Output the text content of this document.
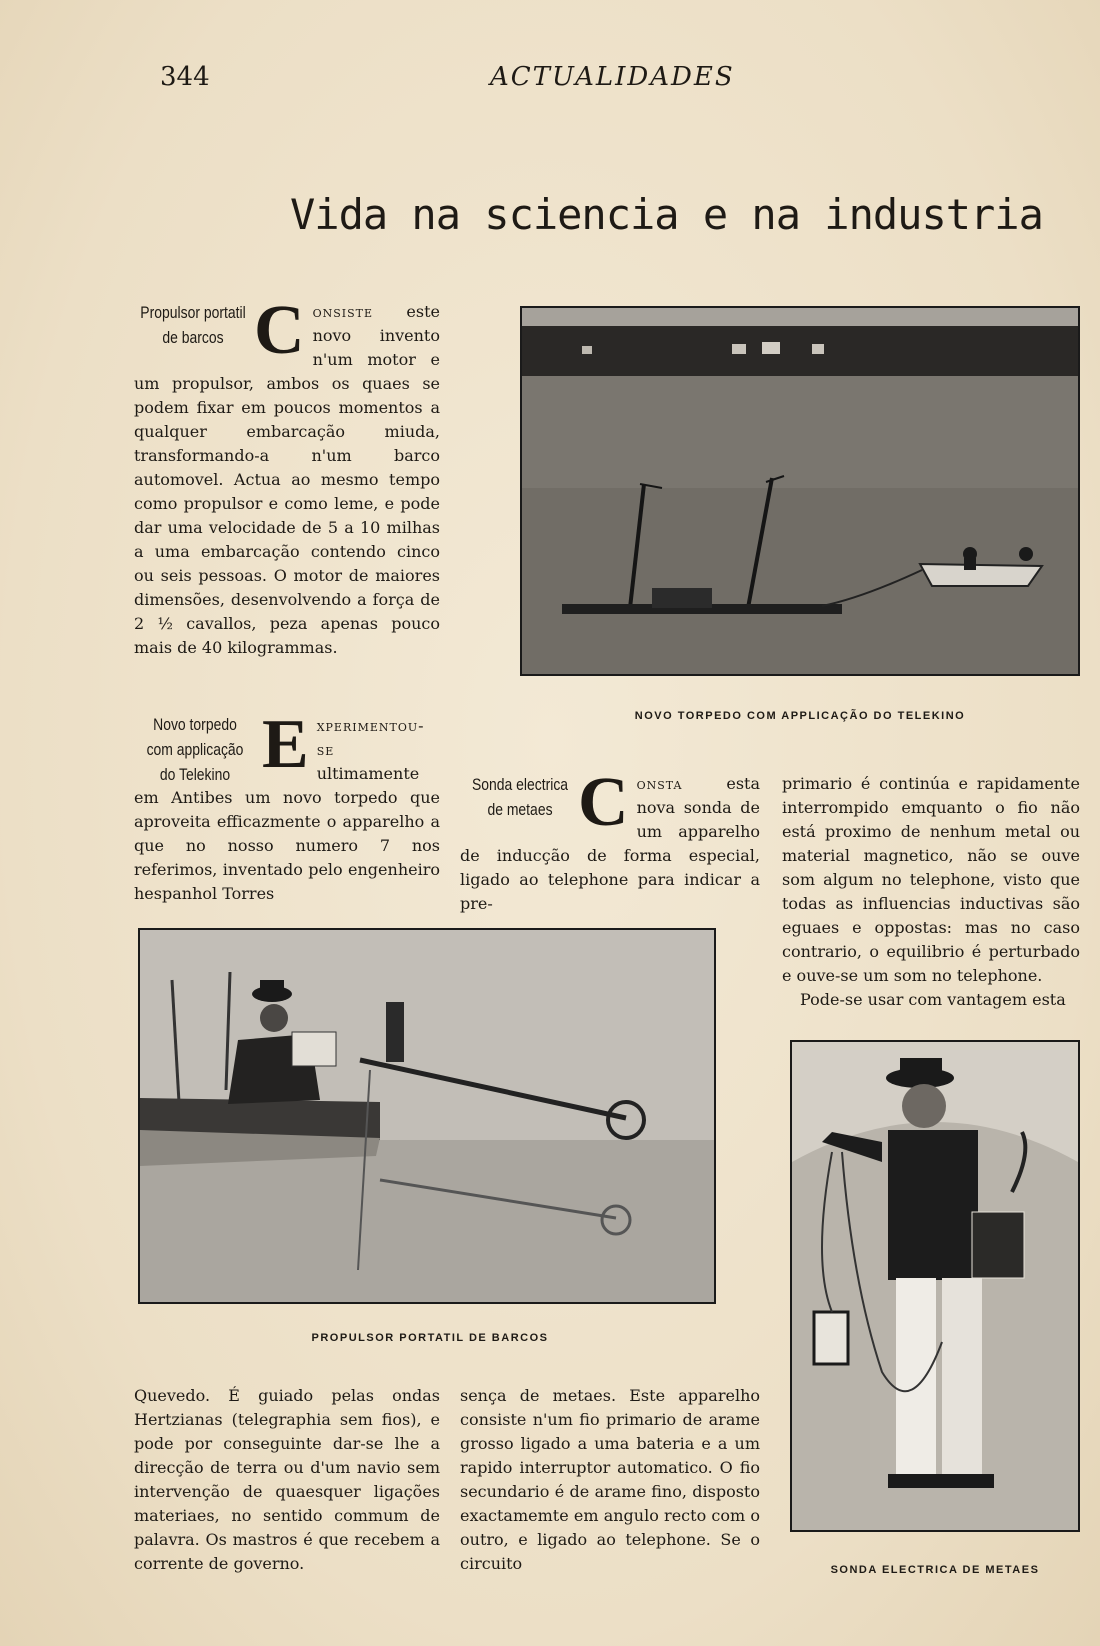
344	ACTUALIDADES
Vida na sciencia e na industria
Propulsor portatil
de barcos Consiste este novo invento n'um motor e um propulsor, ambos os quaes se podem fixar em poucos momentos a qualquer embarcação miuda, transformando-a n'um barco automovel. Actua ao mesmo tempo como propulsor e como leme, e pode dar uma velocidade de 5 a 10 milhas a uma embarcação contendo cinco ou seis pessoas. O motor de maiores dimensões, desenvolvendo a força de 2 ½ cavallos, peza apenas pouco mais de 40 kilogrammas.
NOVO TORPEDO COM APPLICAÇÃO DO TELEKINO
Novo torpedo
com applicação
do Telekino Experimentou-se ultimamente em Antibes um novo torpedo que aproveita efficazmente o apparelho a que no nosso numero 7 nos referimos, inventado pelo engenheiro hespanhol Torres
Sonda electrica
de metaes Consta esta nova sonda de um apparelho de inducção de forma especial, ligado ao telephone para indicar a pre-
primario é continúa e rapidamente interrompido emquanto o fio não está proximo de nenhum metal ou material magnetico, não se ouve som algum no telephone, visto que todas as influencias inductivas são eguaes e oppostas: mas no caso contrario, o equilibrio é perturbado e ouve-se um som no telephone.
Pode-se usar com vantagem esta
PROPULSOR PORTATIL DE BARCOS
Quevedo. É guiado pelas ondas Hertzianas (telegraphia sem fios), e pode por conseguinte dar-se lhe a direcção de terra ou d'um navio sem intervenção de quaesquer ligações materiaes, no sentido commum de palavra. Os mastros é que recebem a corrente de governo.
sença de metaes. Este apparelho consiste n'um fio primario de arame grosso ligado a uma bateria e a um rapido interruptor automatico. O fio secundario é de arame fino, disposto exactamemte em angulo recto com o outro, e ligado ao telephone. Se o circuito	SONDA ELECTRICA DE METAES
